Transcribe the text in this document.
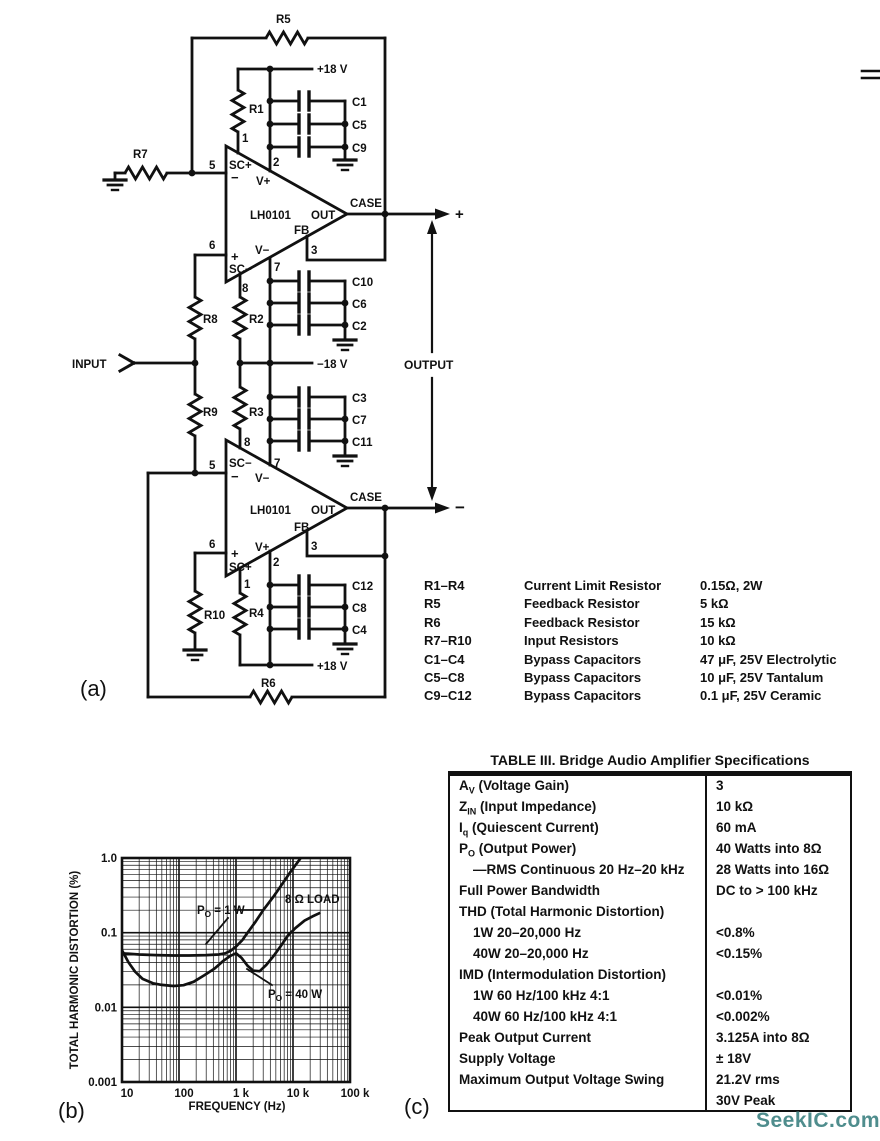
R5
R7
R1
R8	R2
R9	R3
R10 R4
R6
+18 V
−18 V
+18 V
C1
C5
C9
C10
C6
C2
C3
C7
C11
C12
C8
C4
INPUT	OUTPUT
+
−
5 SC+
− V+
1
2
LH0101 OUT
FB
3
V−
+
SC−
6
7
8
CASE
5 SC−
− V−
8
7
LH0101 OUT
FB
3
V+
+
SC+
6
2
1
CASE
10	100	1 k	10 k	100 k
1.0
0.1
0.01
0.001
FREQUENCY (Hz)
TOTAL HARMONIC DISTORTION (%)	$P_O = 1$ W
8 Ω LOAD
$P_O = 40$ W
R1–R4	Current Limit Resistor	0.15Ω, 2W
R5	Feedback Resistor	5 kΩ
R6	Feedback Resistor	15 kΩ
R7–R10	Input Resistors	10 kΩ
C1–C4	Bypass Capacitors	47 μF, 25V Electrolytic
C5–C8	Bypass Capacitors	10 μF, 25V Tantalum
C9–C12	Bypass Capacitors	0.1 μF, 25V Ceramic
TABLE III. Bridge Audio Amplifier Specifications
$A_V$ (Voltage Gain)	3
$Z_{IN}$ (Input Impedance)	10 kΩ
$I_q$ (Quiescent Current)	60 mA
$P_O$ (Output Power)	40 Watts into 8Ω
—RMS Continuous 20 Hz–20 kHz	28 Watts into 16Ω
Full Power Bandwidth	DC to > 100 kHz
THD (Total Harmonic Distortion)
1W 20–20,000 Hz	<0.8%
40W 20–20,000 Hz	<0.15%
IMD (Intermodulation Distortion)
1W 60 Hz/100 kHz 4:1	<0.01%
40W 60 Hz/100 kHz 4:1	<0.002%
Peak Output Current	3.125A into 8Ω
Supply Voltage	± 18V
Maximum Output Voltage Swing	21.2V rms
30V Peak
(a)
(b)	(c)
SeekIC.com
